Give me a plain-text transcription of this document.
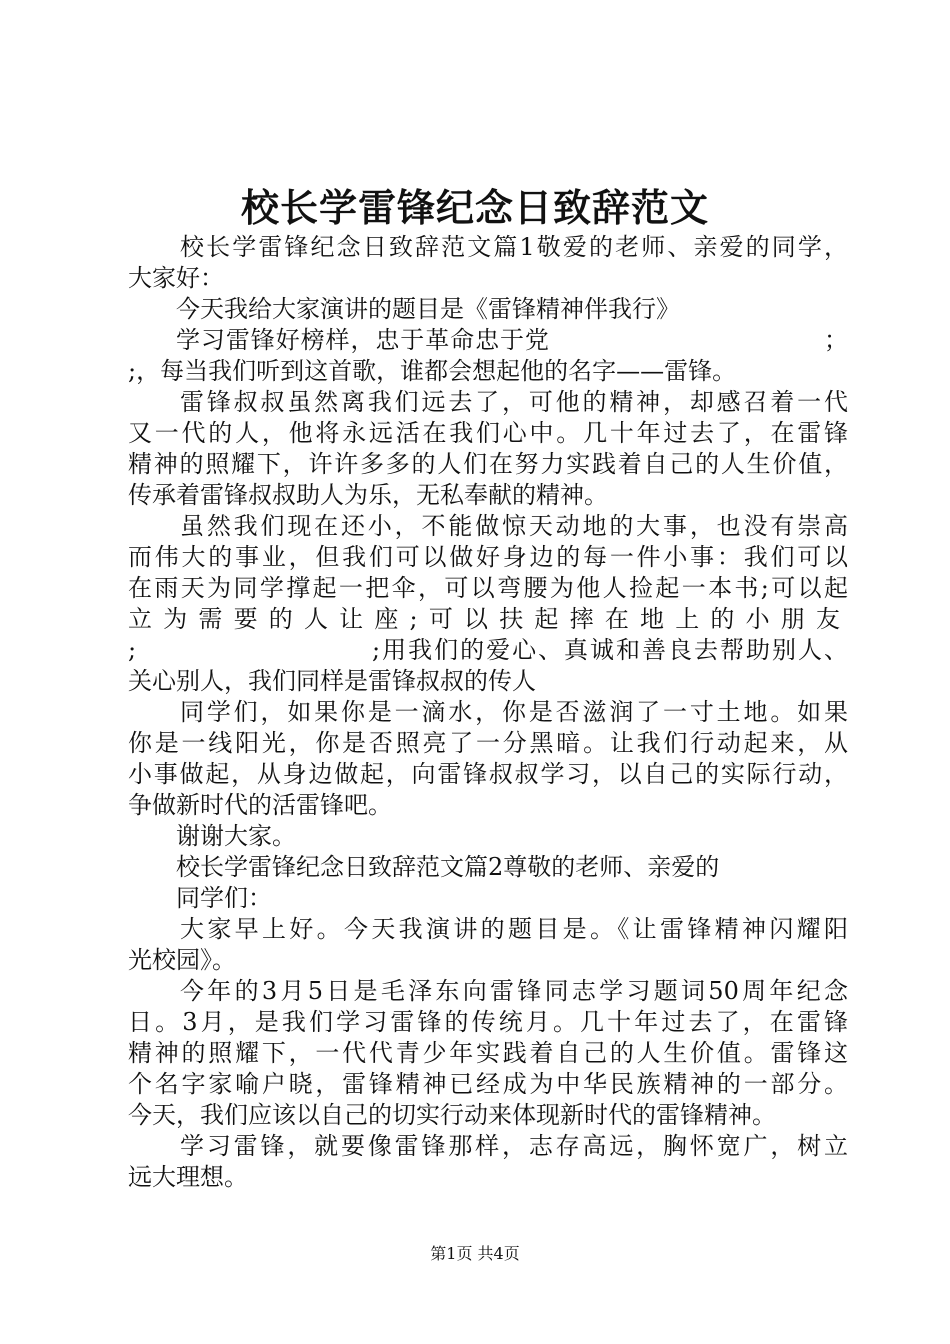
校长学雷锋纪念日致辞范文
校长学雷锋纪念日致辞范文篇1敬爱的老师、亲爱的同学，
大家好：
今天我给大家演讲的题目是《雷锋精神伴我行》
学习雷锋好榜样，忠于革命忠于党　　　　　　　　　　　；
;，每当我们听到这首歌，谁都会想起他的名字——雷锋。
雷锋叔叔虽然离我们远去了，可他的精神，却感召着一代
又一代的人，他将永远活在我们心中。几十年过去了，在雷锋
精神的照耀下，许许多多的人们在努力实践着自己的人生价值，
传承着雷锋叔叔助人为乐，无私奉献的精神。
虽然我们现在还小，不能做惊天动地的大事，也没有崇高
而伟大的事业，但我们可以做好身边的每一件小事：我们可以
在雨天为同学撑起一把伞，可以弯腰为他人捡起一本书;可以起
立为需要的人让座;可以扶起摔在地上的小朋友
;　　　　　　　　　;用我们的爱心、真诚和善良去帮助别人、
关心别人，我们同样是雷锋叔叔的传人
同学们，如果你是一滴水，你是否滋润了一寸土地。如果
你是一线阳光，你是否照亮了一分黑暗。让我们行动起来，从
小事做起，从身边做起，向雷锋叔叔学习，以自己的实际行动，
争做新时代的活雷锋吧。
谢谢大家。
校长学雷锋纪念日致辞范文篇2尊敬的老师、亲爱的
同学们：
大家早上好。今天我演讲的题目是。《让雷锋精神闪耀阳
光校园》。
今年的3月5日是毛泽东向雷锋同志学习题词50周年纪念
日。3月，是我们学习雷锋的传统月。几十年过去了，在雷锋
精神的照耀下，一代代青少年实践着自己的人生价值。雷锋这
个名字家喻户晓，雷锋精神已经成为中华民族精神的一部分。
今天，我们应该以自己的切实行动来体现新时代的雷锋精神。
学习雷锋，就要像雷锋那样，志存高远，胸怀宽广，树立
远大理想。
第1页 共4页
